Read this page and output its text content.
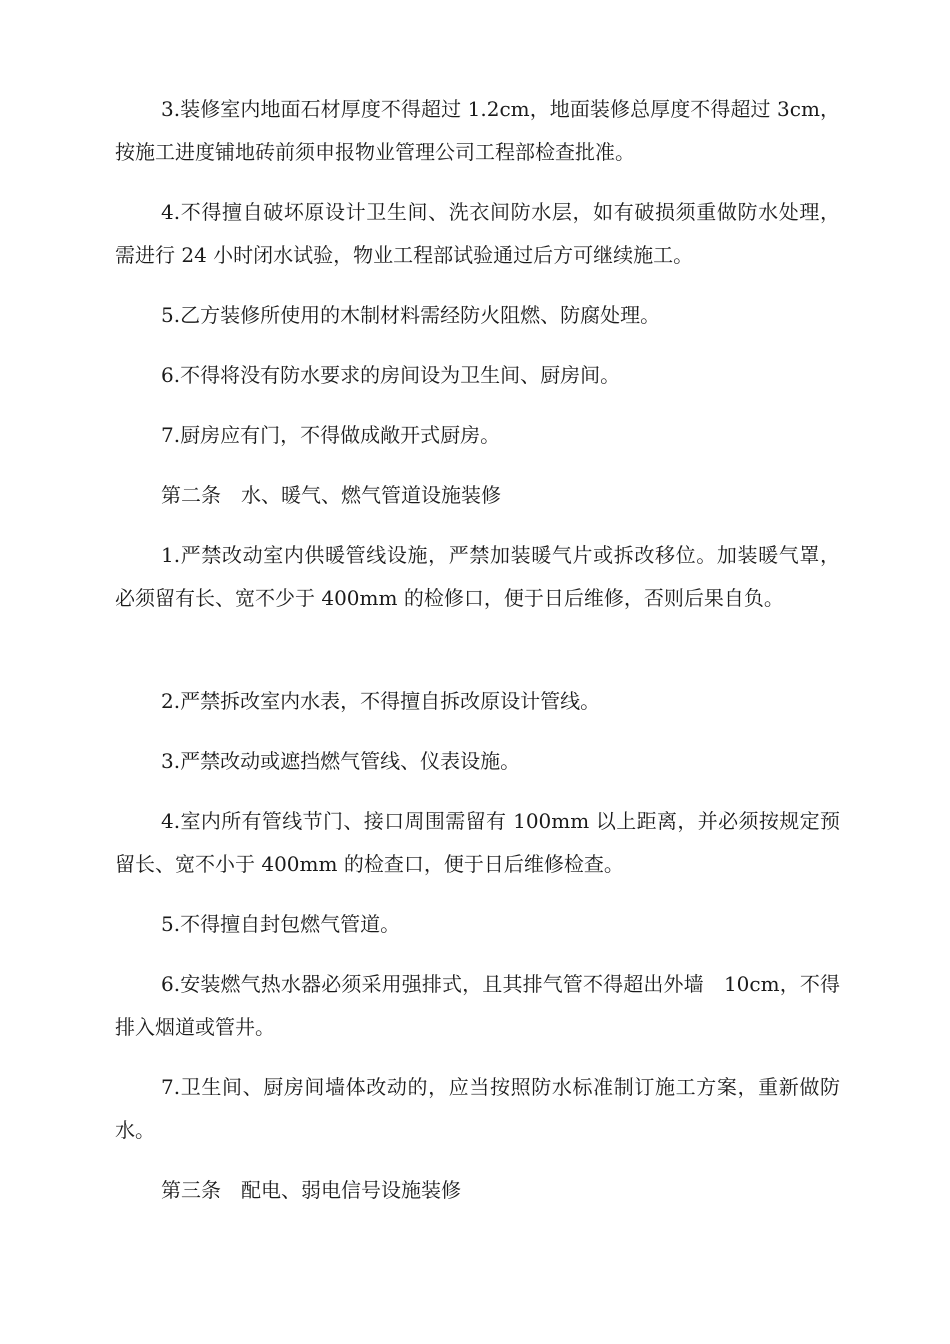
3.装修室内地面石材厚度不得超过 1.2cm，地面装修总厚度不得超过 3cm，按施工进度铺地砖前须申报物业管理公司工程部检查批准。

4.不得擅自破坏原设计卫生间、洗衣间防水层，如有破损须重做防水处理，需进行 24 小时闭水试验，物业工程部试验通过后方可继续施工。

5.乙方装修所使用的木制材料需经防火阻燃、防腐处理。

6.不得将没有防水要求的房间设为卫生间、厨房间。

7.厨房应有门，不得做成敞开式厨房。

第二条　水、暖气、燃气管道设施装修

1.严禁改动室内供暖管线设施，严禁加装暖气片或拆改移位。加装暖气罩，必须留有长、宽不少于 400mm 的检修口，便于日后维修，否则后果自负。

2.严禁拆改室内水表，不得擅自拆改原设计管线。

3.严禁改动或遮挡燃气管线、仪表设施。

4.室内所有管线节门、接口周围需留有 100mm 以上距离，并必须按规定预留长、宽不小于 400mm 的检查口，便于日后维修检查。

5.不得擅自封包燃气管道。

6.安装燃气热水器必须采用强排式，且其排气管不得超出外墙　10cm，不得排入烟道或管井。

7.卫生间、厨房间墙体改动的，应当按照防水标准制订施工方案，重新做防水。

第三条　配电、弱电信号设施装修
